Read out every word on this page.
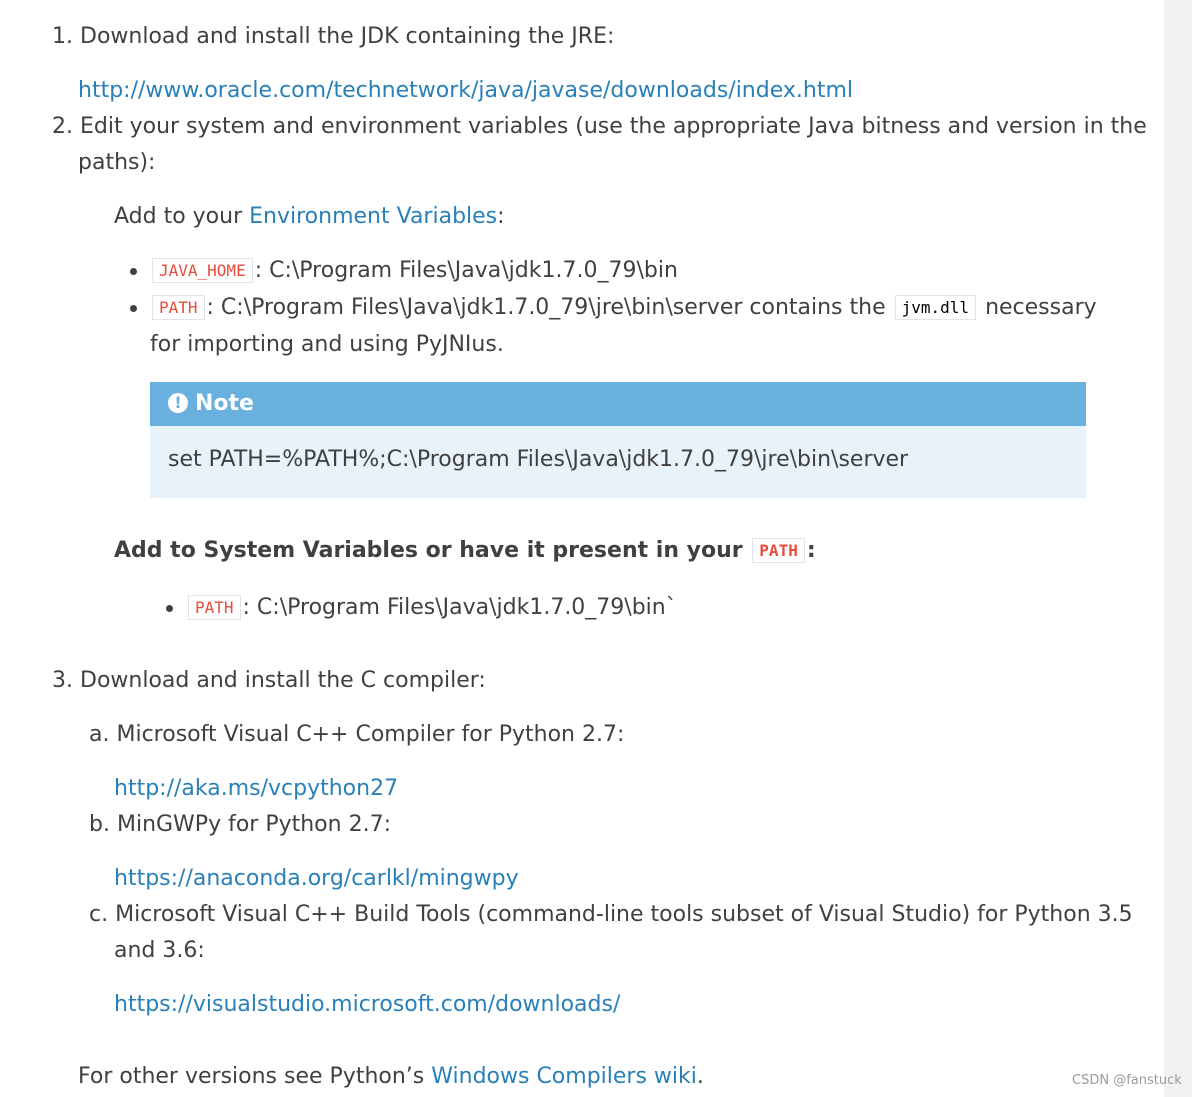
1. Download and install the JDK containing the JRE:
http://www.oracle.com/technetwork/java/javase/downloads/index.html
2. Edit your system and environment variables (use the appropriate Java bitness and version in the
paths):
Add to your Environment Variables:
JAVA_HOME : C:\Program Files\Java\jdk1.7.0_79\bin
PATH : C:\Program Files\Java\jdk1.7.0_79\jre\bin\server contains the jvm.dll necessary
for importing and using PyJNIus.
! Note
set PATH=%PATH%;C:\Program Files\Java\jdk1.7.0_79\jre\bin\server
Add to System Variables or have it present in your PATH :
PATH : C:\Program Files\Java\jdk1.7.0_79\bin`
3. Download and install the C compiler:
a. Microsoft Visual C++ Compiler for Python 2.7:
http://aka.ms/vcpython27
b. MinGWPy for Python 2.7:
https://anaconda.org/carlkl/mingwpy
c. Microsoft Visual C++ Build Tools (command-line tools subset of Visual Studio) for Python 3.5
and 3.6:
https://visualstudio.microsoft.com/downloads/
For other versions see Python’s Windows Compilers wiki.	CSDN @fanstuck
